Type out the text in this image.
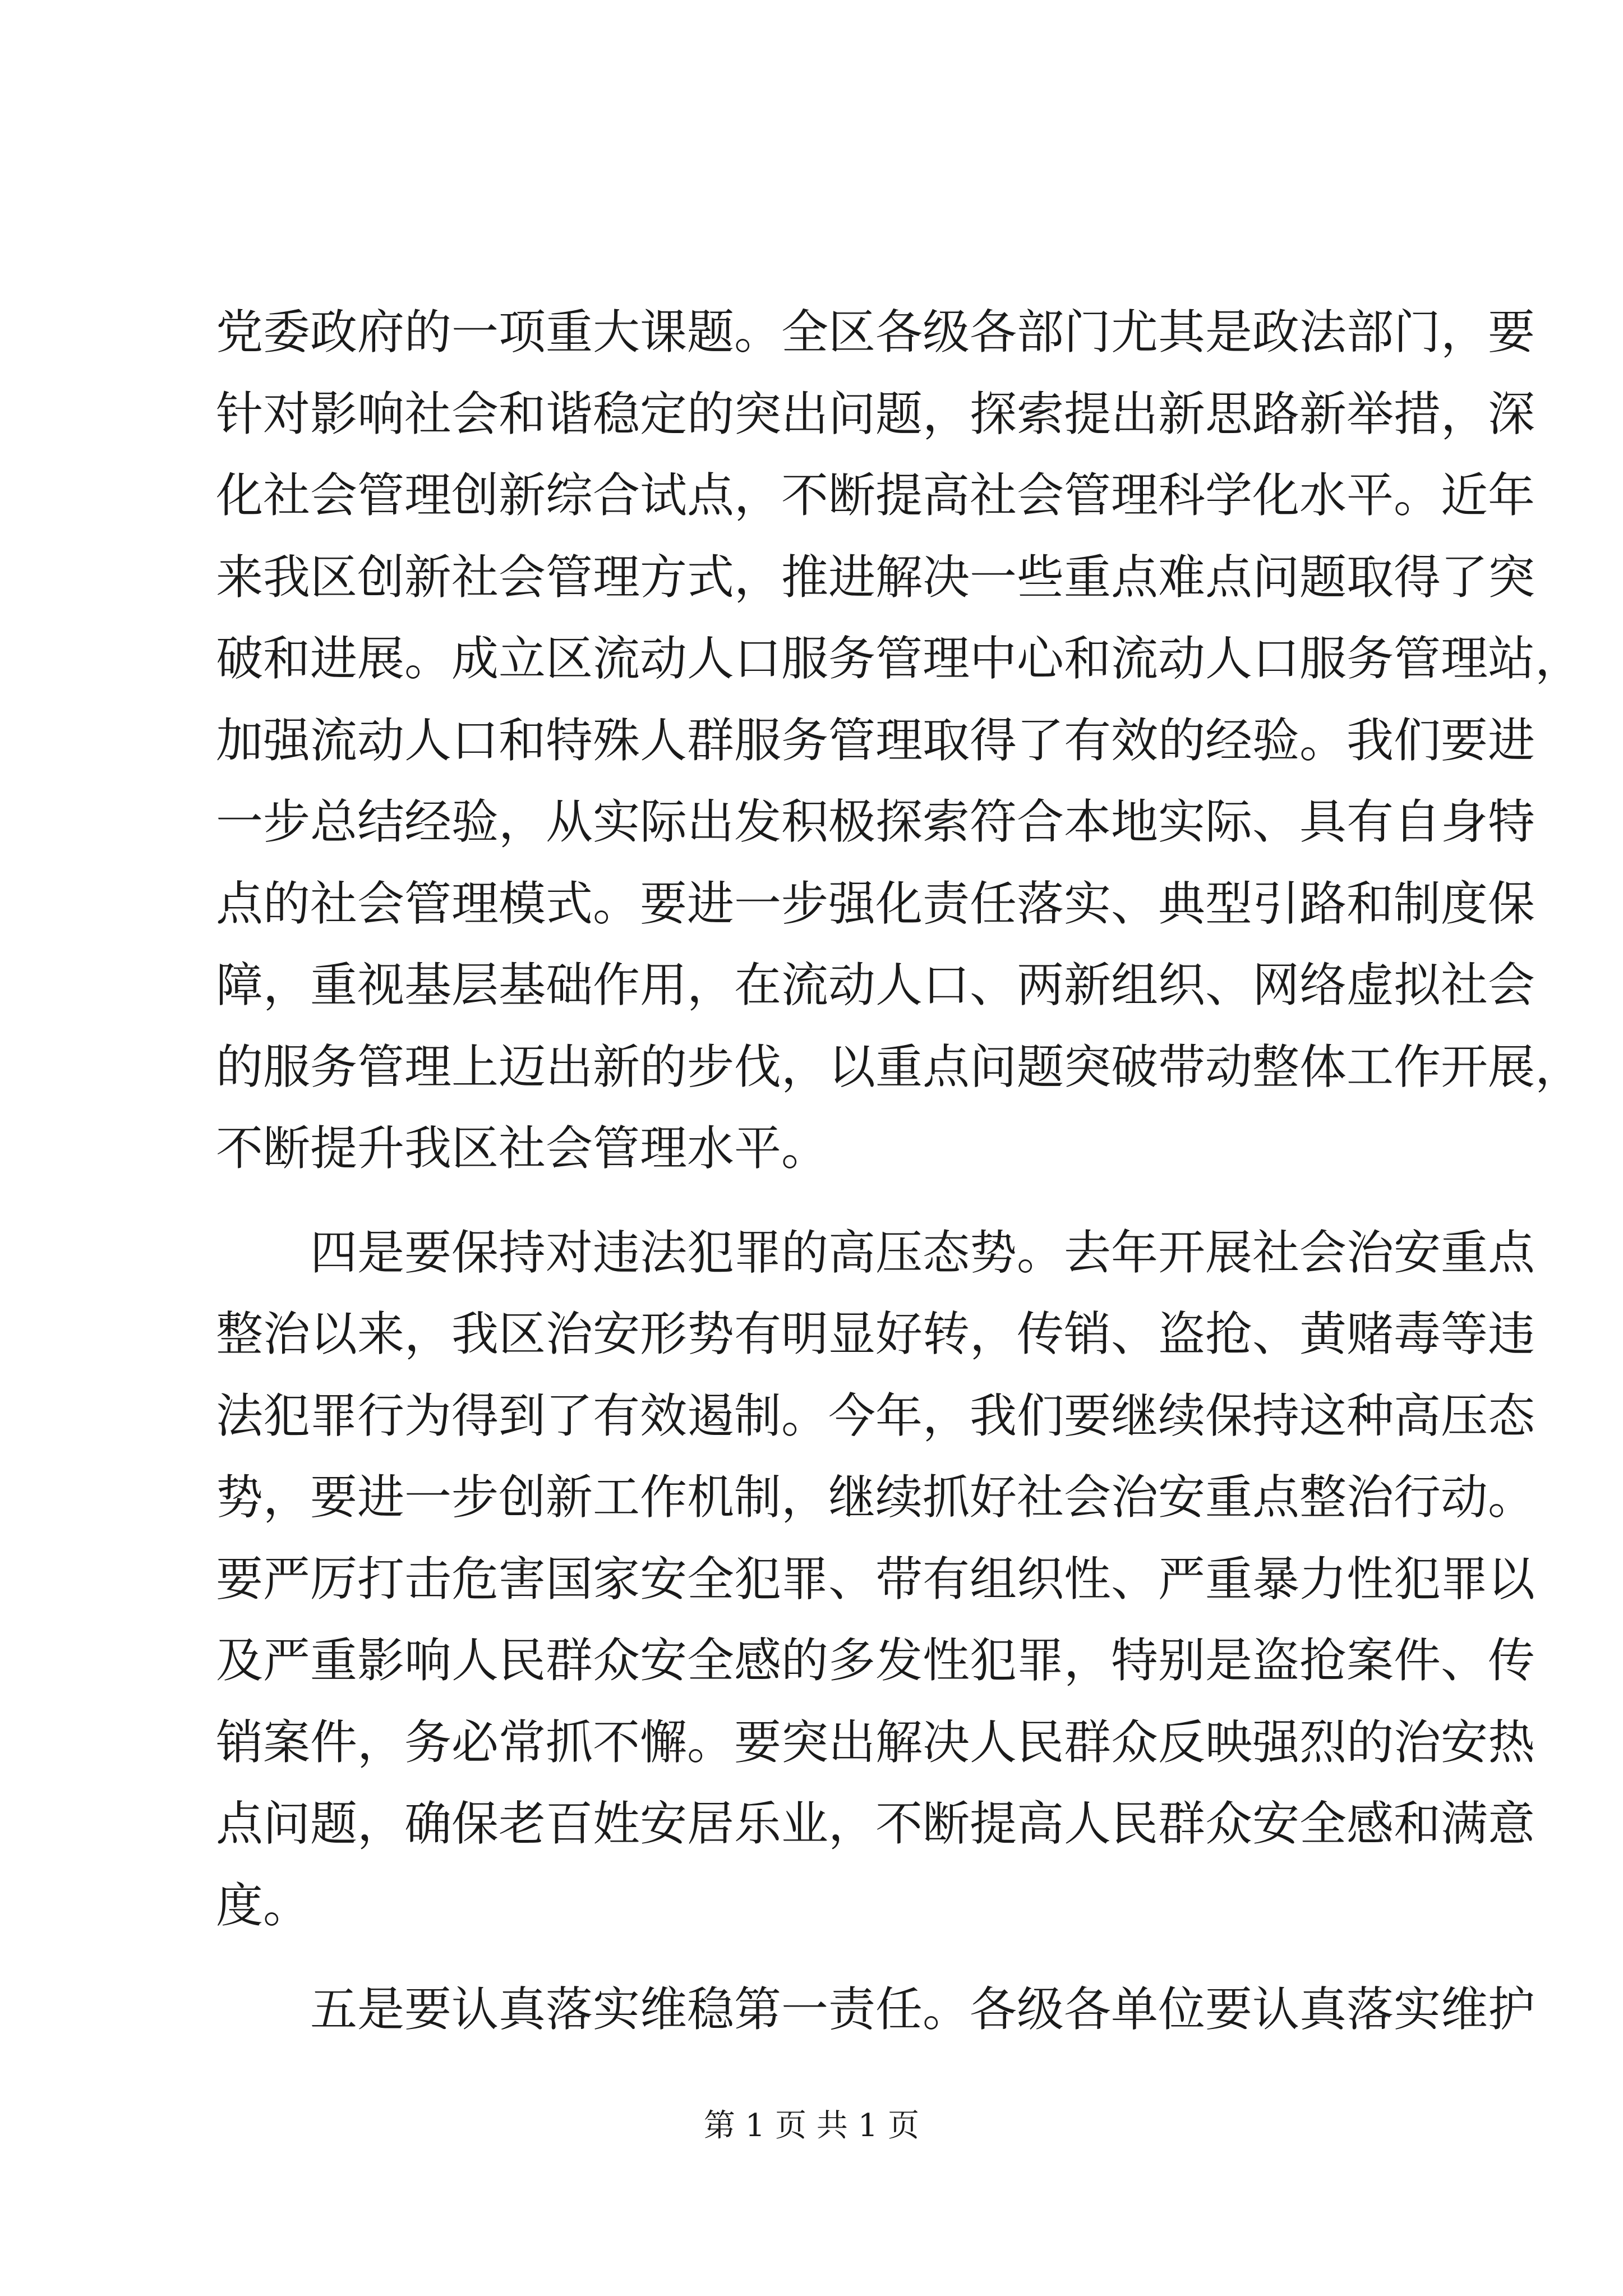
党委政府的一项重大课题。全区各级各部门尤其是政法部门，要
针对影响社会和谐稳定的突出问题，探索提出新思路新举措，深
化社会管理创新综合试点，不断提高社会管理科学化水平。近年
来我区创新社会管理方式，推进解决一些重点难点问题取得了突
破和进展。成立区流动人口服务管理中心和流动人口服务管理站，
加强流动人口和特殊人群服务管理取得了有效的经验。我们要进
一步总结经验，从实际出发积极探索符合本地实际、具有自身特
点的社会管理模式。要进一步强化责任落实、典型引路和制度保
障，重视基层基础作用，在流动人口、两新组织、网络虚拟社会
的服务管理上迈出新的步伐，以重点问题突破带动整体工作开展，
不断提升我区社会管理水平。
四是要保持对违法犯罪的高压态势。去年开展社会治安重点
整治以来，我区治安形势有明显好转，传销、盗抢、黄赌毒等违
法犯罪行为得到了有效遏制。今年，我们要继续保持这种高压态
势，要进一步创新工作机制，继续抓好社会治安重点整治行动。
要严厉打击危害国家安全犯罪、带有组织性、严重暴力性犯罪以
及严重影响人民群众安全感的多发性犯罪，特别是盗抢案件、传
销案件，务必常抓不懈。要突出解决人民群众反映强烈的治安热
点问题，确保老百姓安居乐业，不断提高人民群众安全感和满意
度。
五是要认真落实维稳第一责任。各级各单位要认真落实维护
第 1 页 共 1 页
